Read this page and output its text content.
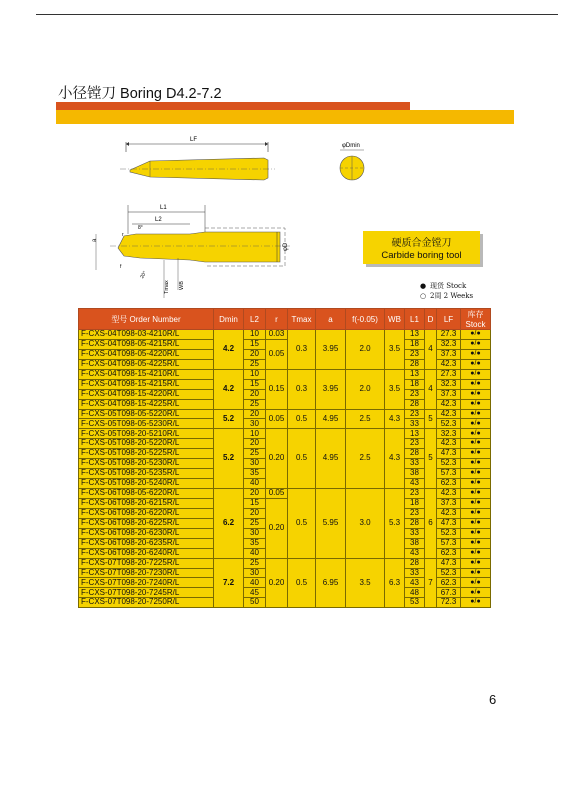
小径镗刀 Boring D4.2-7.2
LF
φDmin
L1
L2
φD
a
r
8°
f
20°
Tmax WB
硬质合金镗刀
Carbide boring tool
● 现货 Stock
○ 2周 2 Weeks
型号 Order Number	Dmin	L2	r	Tmax	a	f(-0.05)	WB	L1	D	LF	库存Stock
F-CXS-04T098-03-4210R/L	4.2	10	0.03	0.3	3.95	2.0	3.5	13	4	27.3	●/●
F-CXS-04T098-05-4215R/L		15	0.05					18		32.3	●/●
F-CXS-04T098-05-4220R/L		20						23		37.3	●/●
F-CXS-04T098-05-4225R/L		25						28		42.3	●/●
F-CXS-04T098-15-4210R/L	4.2	10	0.15	0.3	3.95	2.0	3.5	13	4	27.3	●/●
F-CXS-04T098-15-4215R/L		15						18		32.3	●/●
F-CXS-04T098-15-4220R/L		20						23		37.3	●/●
F-CXS-04T098-15-4225R/L		25						28		42.3	●/●
F-CXS-05T098-05-5220R/L	5.2	20	0.05	0.5	4.95	2.5	4.3	23	5	42.3	●/●
F-CXS-05T098-05-5230R/L		30						33		52.3	●/●
F-CXS-05T098-20-5210R/L	5.2	10	0.20	0.5	4.95	2.5	4.3	13	5	32.3	●/●
F-CXS-05T098-20-5220R/L		20						23		42.3	●/●
F-CXS-05T098-20-5225R/L		25						28		47.3	●/●
F-CXS-05T098-20-5230R/L		30						33		52.3	●/●
F-CXS-05T098-20-5235R/L		35						38		57.3	●/●
F-CXS-05T098-20-5240R/L		40						43		62.3	●/●
F-CXS-06T098-05-6220R/L	6.2	20	0.05	0.5	5.95	3.0	5.3	23	6	42.3	●/●
F-CXS-06T098-20-6215R/L		15	0.20					18		37.3	●/●
F-CXS-06T098-20-6220R/L		20						23		42.3	●/●
F-CXS-06T098-20-6225R/L		25						28		47.3	●/●
F-CXS-06T098-20-6230R/L		30						33		52.3	●/●
F-CXS-06T098-20-6235R/L		35						38		57.3	●/●
F-CXS-06T098-20-6240R/L		40						43		62.3	●/●
F-CXS-07T098-20-7225R/L	7.2	25	0.20	0.5	6.95	3.5	6.3	28	7	47.3	●/●
F-CXS-07T098-20-7230R/L		30						33		52.3	●/●
F-CXS-07T098-20-7240R/L		40						43		62.3	●/●
F-CXS-07T098-20-7245R/L		45						48		67.3	●/●
F-CXS-07T098-20-7250R/L		50						53		72.3	●/●
6
